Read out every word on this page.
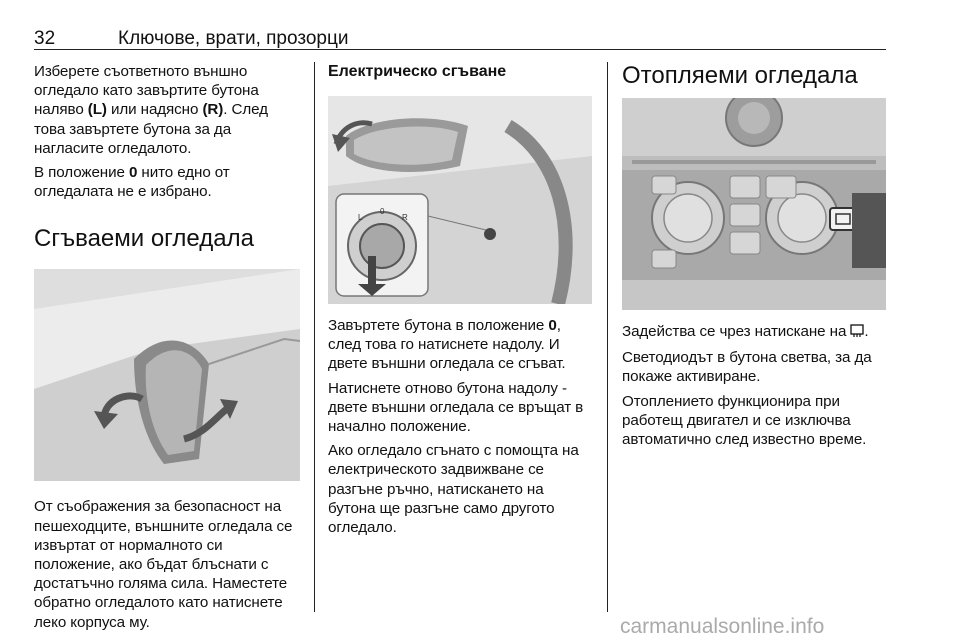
32	Ключове, врати, прозорци

Изберете съответното външно огледало като завъртите бутона наляво (L) или надясно (R). След това завъртете бутона за да нагласите огледалото.

В положение 0 нито едно от огледалата не е избрано.

Сгъваеми огледала

От съображения за безопасност на пешеходците, външните огледала се извъртат от нормалното си положение, ако бъдат блъснати с достатъчно голяма сила. Наместете обратно огледалото като натиснете леко корпуса му.

Електрическо сгъване
L
0
R

Завъртете бутона в положение 0, след това го натиснете надолу. И двете външни огледала се сгъват.

Натиснете отново бутона надолу - двете външни огледала се връщат в начално положение.

Ако огледало сгънато с помощта на електрическото задвижване се разгъне ръчно, натискането на бутона ще разгъне само другото огледало.

Отопляеми огледала

Задейства се чрез натискане на .

Светодиодът в бутона светва, за да покаже активиране.

Отоплението функционира при работещ двигател и се изключва автоматично след известно време.

carmanualsonline.info
